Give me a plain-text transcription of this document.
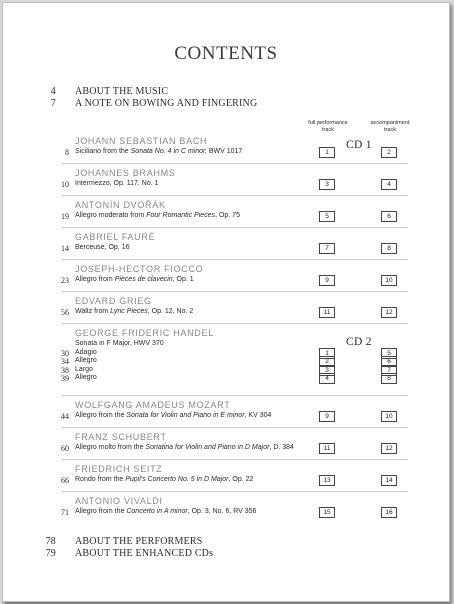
CONTENTS
4 ABOUT THE MUSIC
7 A NOTE ON BOWING AND FINGERING
full performance
track
accompaniment
track
CD 1
CD 2
JOHANN SEBASTIAN BACH
8 Siciliano from the Sonata No. 4 in C minor, BWV 1017	1	2
JOHANNES BRAHMS
10 Intermezzo, Op. 117, No. 1	3	4
ANTONÍN DVOŘÁK
19 Allegro moderato from Four Romantic Pieces, Op. 75	5	6
GABRIEL FAURÉ
14 Berceuse, Op. 16	7	8
JOSEPH-HECTOR FIOCCO
23 Allegro from Pièces de clavecin, Op. 1	9	10
EDVARD GRIEG
56 Waltz from Lyric Pieces, Op. 12, No. 2	11	12
GEORGE FRIDERIC HANDEL
Sonata in F Major, HWV 370
30 Adagio	1	5
34 Allegro	2	6
38 Largo	3	7
39 Allegro	4	8
WOLFGANG AMADEUS MOZART
44 Allegro from the Sonata for Violin and Piano in E minor, KV 304	9	10
FRANZ SCHUBERT
60 Allegro molto from the Sonatina for Violin and Piano in D Major, D. 384	11	12
FRIEDRICH SEITZ
66 Rondo from the Pupil's Concerto No. 5 in D Major, Op. 22	13	14
ANTONIO VIVALDI
71 Allegro from the Concerto in A minor, Op. 3, No. 6, RV 356	15	16
78 ABOUT THE PERFORMERS
79 ABOUT THE ENHANCED CDs
